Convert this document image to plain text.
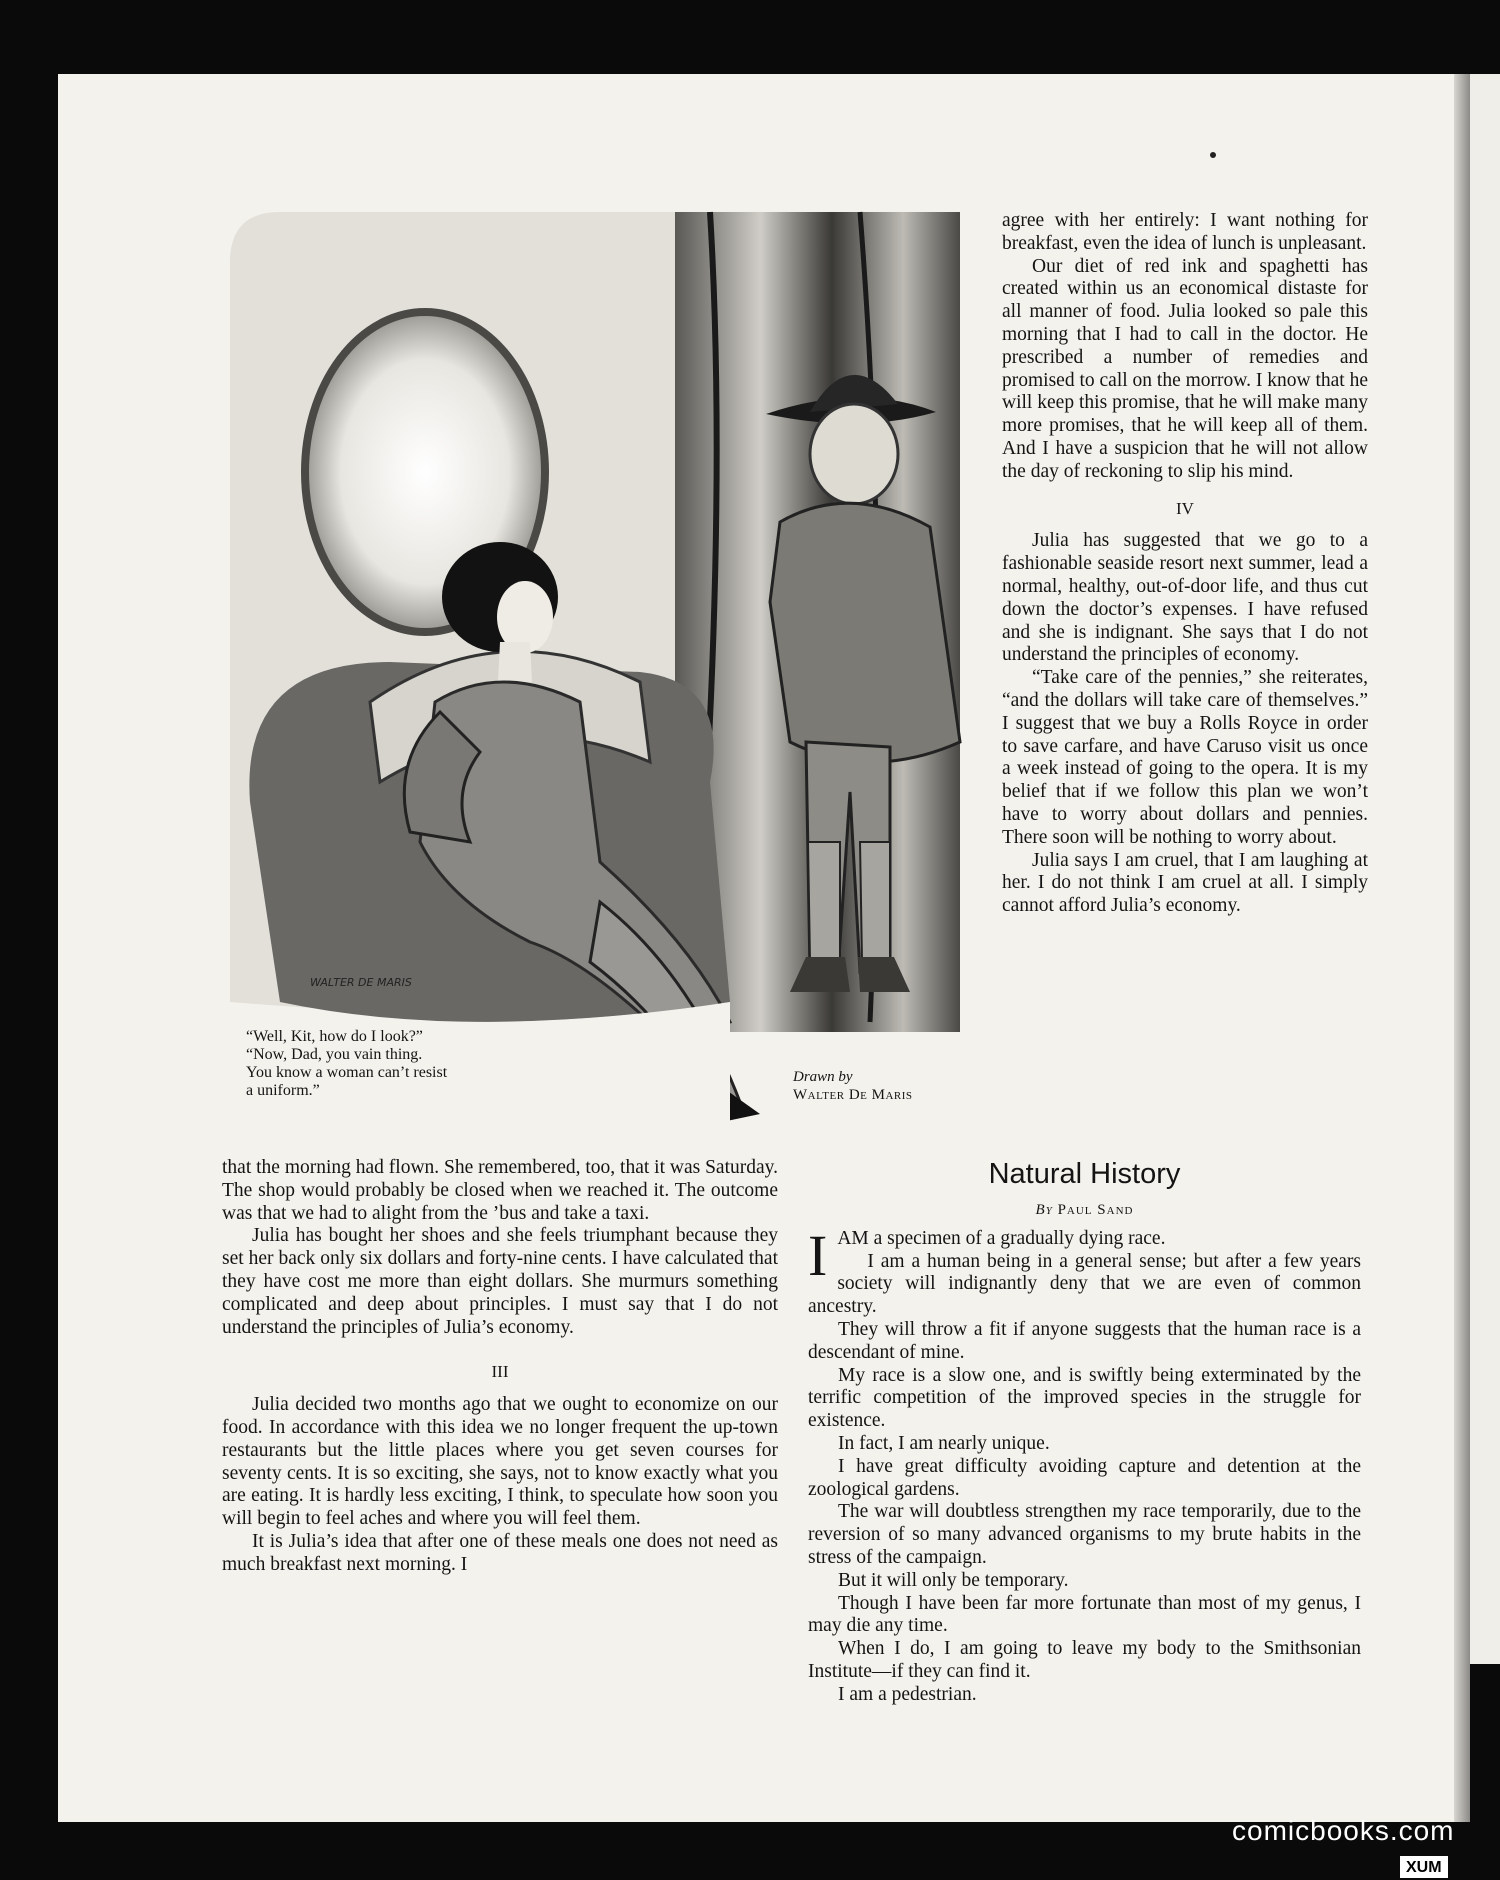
WALTER DE MARIS
“Well, Kit, how do I look?”
“Now, Dad, you vain thing.
You know a woman can’t resist
a uniform.”
Drawn by
Walter De Maris

agree with her entirely: I want nothing for breakfast, even the idea of lunch is unpleasant.

Our diet of red ink and spaghetti has created within us an economical distaste for all manner of food. Julia looked so pale this morning that I had to call in the doctor. He prescribed a number of remedies and promised to call on the morrow. I know that he will keep this promise, that he will make many more promises, that he will keep all of them. And I have a suspicion that he will not allow the day of reckoning to slip his mind.

IV

Julia has suggested that we go to a fashionable seaside resort next summer, lead a normal, healthy, out-of-door life, and thus cut down the doctor’s expenses. I have refused and she is indignant. She says that I do not understand the principles of economy.

“Take care of the pennies,” she reiterates, “and the dollars will take care of themselves.” I suggest that we buy a Rolls Royce in order to save carfare, and have Caruso visit us once a week instead of going to the opera. It is my belief that if we follow this plan we won’t have to worry about dollars and pennies. There soon will be nothing to worry about.

Julia says I am cruel, that I am laughing at her. I do not think I am cruel at all. I simply cannot afford Julia’s economy.

that the morning had flown. She remembered, too, that it was Saturday. The shop would probably be closed when we reached it. The outcome was that we had to alight from the ’bus and take a taxi.

Julia has bought her shoes and she feels triumphant because they set her back only six dollars and forty-nine cents. I have calculated that they have cost me more than eight dollars. She murmurs something complicated and deep about principles. I must say that I do not understand the principles of Julia’s economy.

III

Julia decided two months ago that we ought to economize on our food. In accordance with this idea we no longer frequent the up-town restaurants but the little places where you get seven courses for seventy cents. It is so exciting, she says, not to know exactly what you are eating. It is hardly less exciting, I think, to speculate how soon you will begin to feel aches and where you will feel them.

It is Julia’s idea that after one of these meals one does not need as much breakfast next morning. I

Natural History
By Paul Sand

IAM a specimen of a gradually dying race.

I am a human being in a general sense; but after a few years society will indignantly deny that we are even of common ancestry.

They will throw a fit if anyone suggests that the human race is a descendant of mine.

My race is a slow one, and is swiftly being exterminated by the terrific competition of the improved species in the struggle for existence.

In fact, I am nearly unique.

I have great difficulty avoiding capture and detention at the zoological gardens.

The war will doubtless strengthen my race temporarily, due to the reversion of so many advanced organisms to my brute habits in the stress of the campaign.

But it will only be temporary.

Though I have been far more fortunate than most of my genus, I may die any time.

When I do, I am going to leave my body to the Smithsonian Institute—if they can find it.

I am a pedestrian.

comicbooks.com
XUM
